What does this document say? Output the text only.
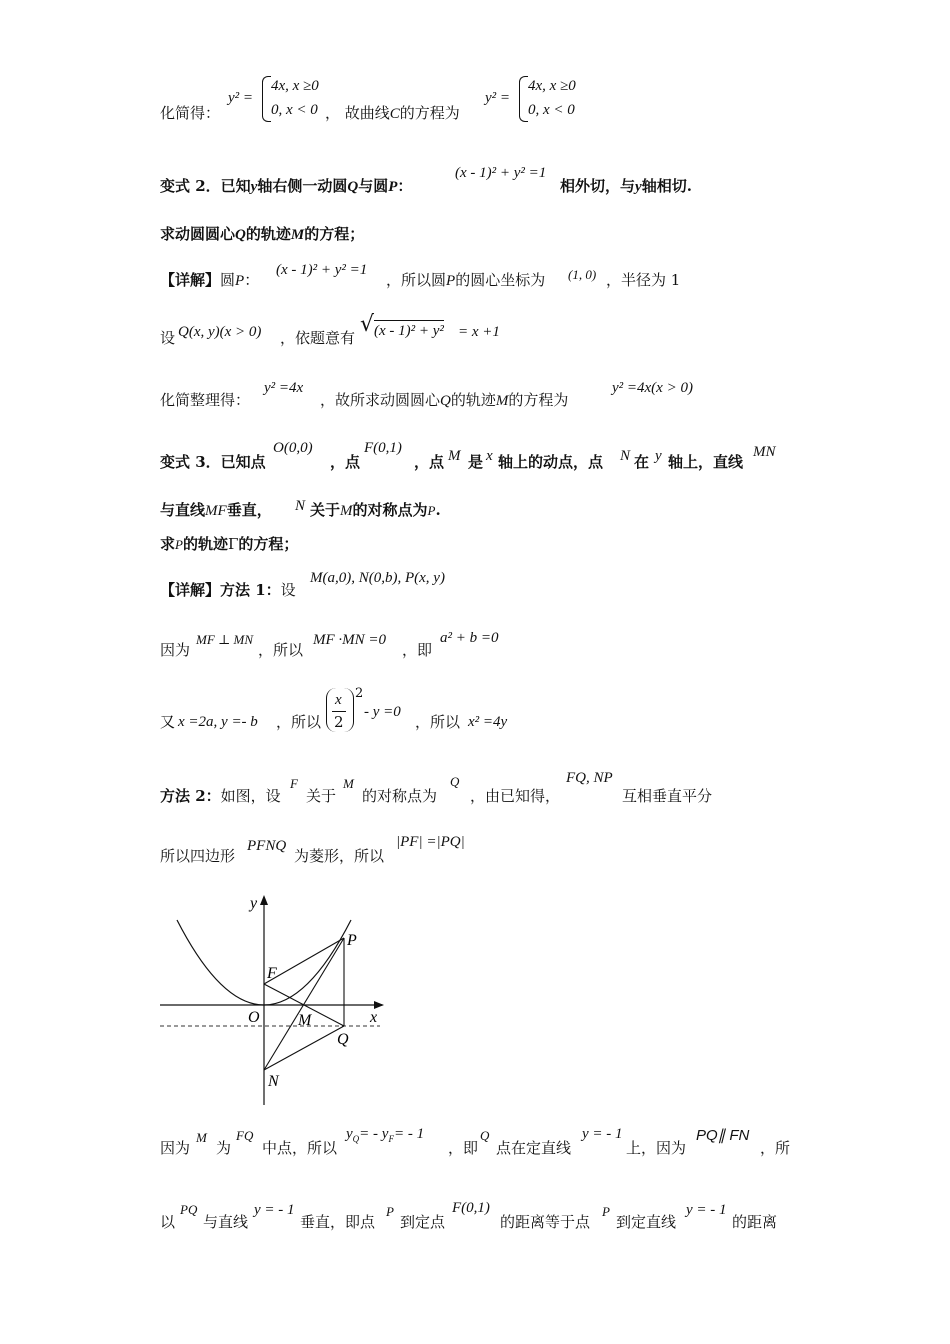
化简得：
y² =
4x, x ≥0
0, x < 0 ， 故曲线C的方程为
y² =
4x, x ≥0
0, x < 0
变式 2．已知y轴右侧一动圆Q与圆P：
(x - 1)² + y² =1
相外切，与y轴相切.
求动圆圆心Q的轨迹M的方程；
【详解】圆P：
(x - 1)² + y² =1
，所以圆P的圆心坐标为 (1, 0) ，半径为 1
设 Q(x, y)(x > 0) ，依题意有
√ (x - 1)² + y² = x +1
化简整理得：
y² =4x
，故所求动圆圆心Q的轨迹M的方程为
y² =4x(x > 0)
变式 3．已知点
O(0,0)
，点
F(0,1)
，点 M 是 x 轴上的动点，点 N 在 y 轴上，直线
MN
与直线MF垂直， N 关于M的对称点为P.
求P的轨迹Γ的方程；
【详解】方法 1：设
M(a,0), N(0,b), P(x, y)
因为
MF ⊥ MN
，所以
MF ·MN =0
，即
a² + b =0
又 x =2a, y =- b ，所以
x
2
2
- y =0
，所以 x² =4y
方法 2：如图，设
F
关于
M
的对称点为
Q
，由已知得，
FQ, NP
互相垂直平分
所以四边形
PFNQ
为菱形，所以
|PF| =|PQ|
y
x
P
F
O M
Q
N
因为
M
为
FQ
中点，所以
$y_Q= - y_F= - 1$
，即
Q
点在定直线
y = - 1
上，因为
PQ∥ FN
，所
以
PQ
与直线
y = - 1
垂直，即点
P
到定点
F(0,1)
的距离等于点
P
到定直线
y = - 1
的距离
